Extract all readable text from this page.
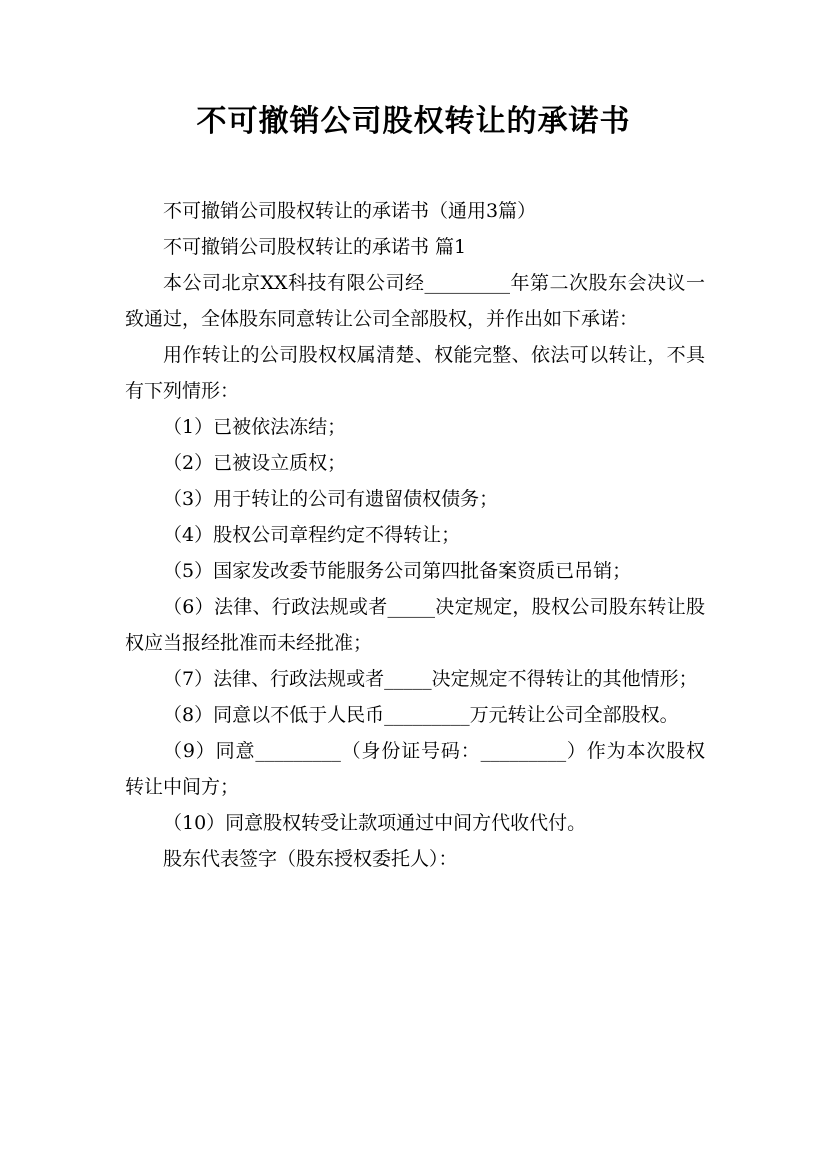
不可撤销公司股权转让的承诺书

不可撤销公司股权转让的承诺书（通用3篇）

不可撤销公司股权转让的承诺书 篇1

本公司北京XX科技有限公司经_________年第二次股东会决议一致通过，全体股东同意转让公司全部股权，并作出如下承诺：

用作转让的公司股权权属清楚、权能完整、依法可以转让，不具有下列情形：

（1）已被依法冻结；

（2）已被设立质权；

（3）用于转让的公司有遗留债权债务；

（4）股权公司章程约定不得转让；

（5）国家发改委节能服务公司第四批备案资质已吊销；

（6）法律、行政法规或者_____决定规定，股权公司股东转让股权应当报经批准而未经批准；

（7）法律、行政法规或者_____决定规定不得转让的其他情形；

（8）同意以不低于人民币_________万元转让公司全部股权。

（9）同意_________（身份证号码：_________）作为本次股权转让中间方；

（10）同意股权转受让款项通过中间方代收代付。

股东代表签字（股东授权委托人）：
